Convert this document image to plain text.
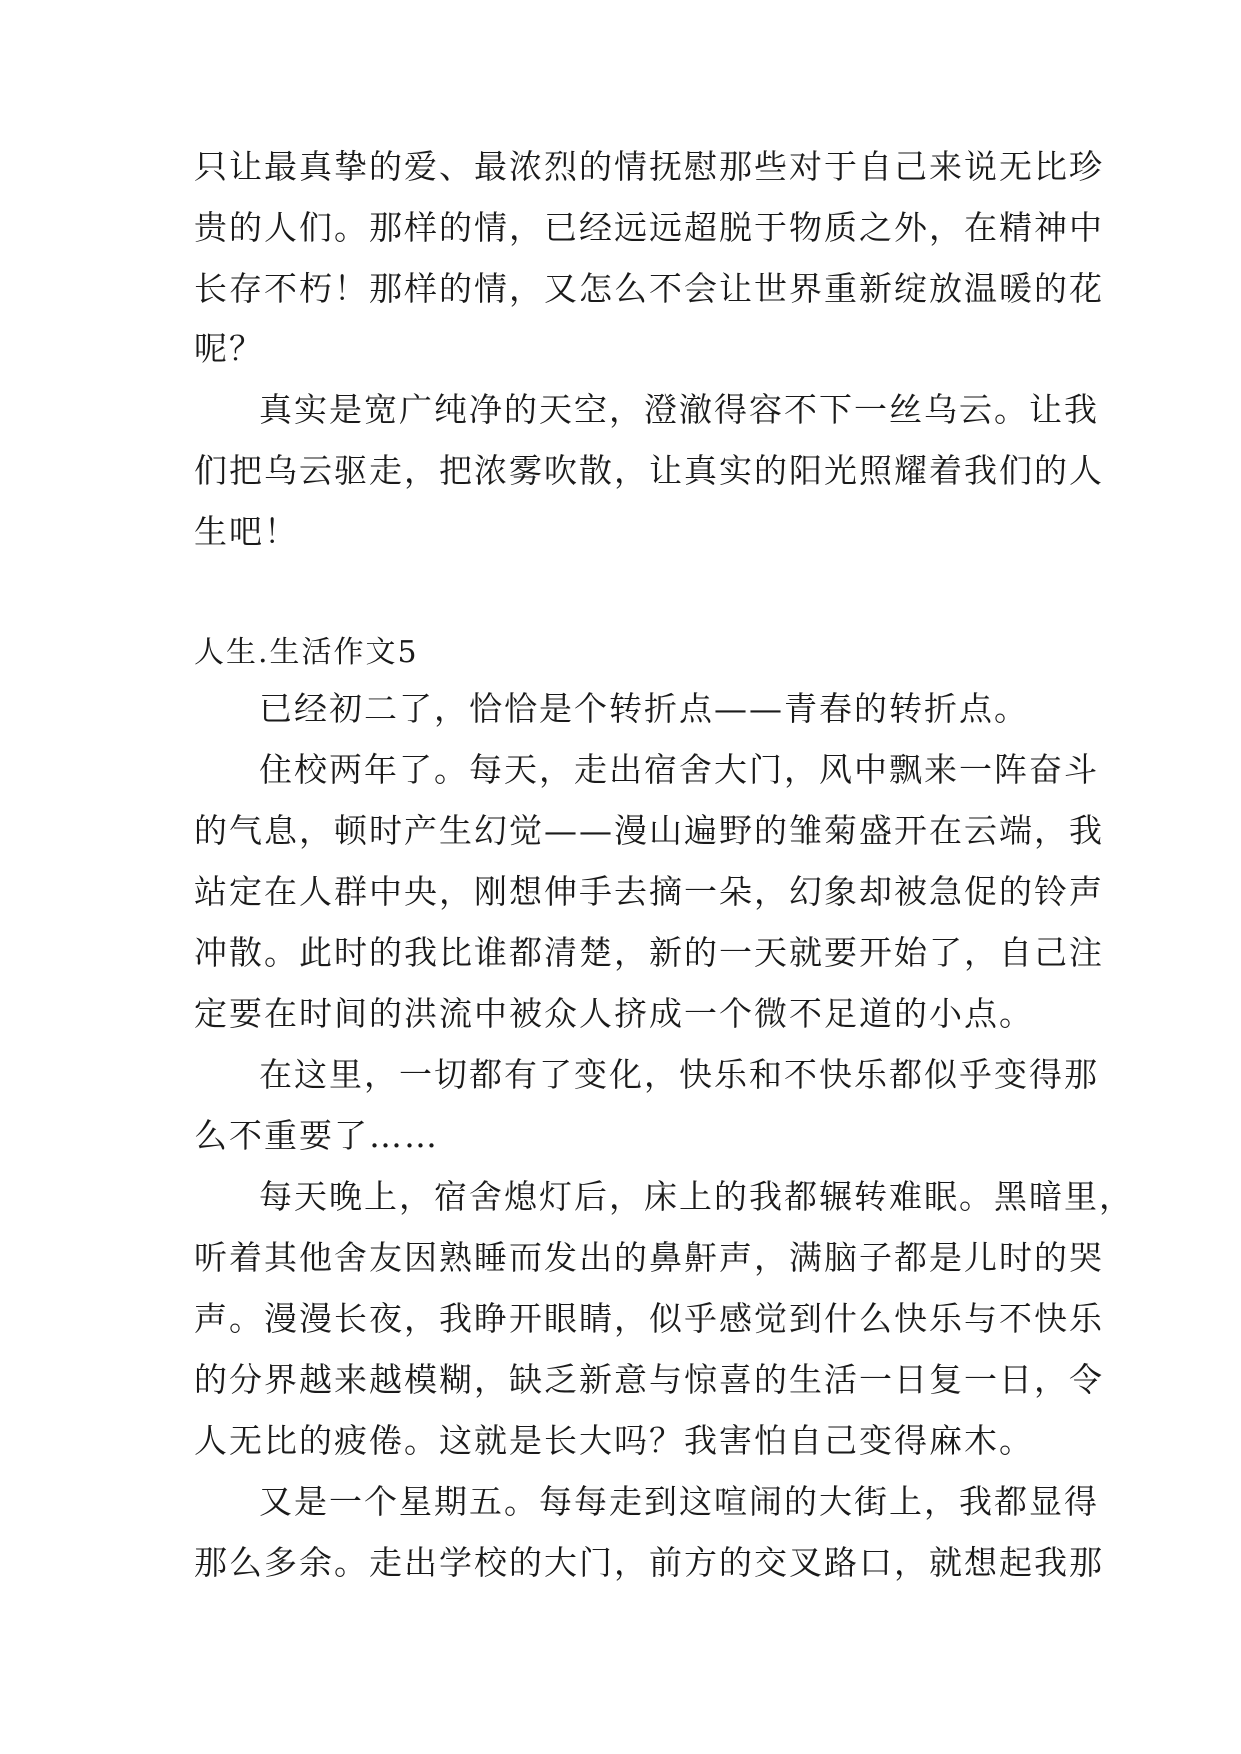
只让最真挚的爱、最浓烈的情抚慰那些对于自己来说无比珍
贵的人们。那样的情，已经远远超脱于物质之外，在精神中
长存不朽！那样的情，又怎么不会让世界重新绽放温暖的花
呢？
真实是宽广纯净的天空，澄澈得容不下一丝乌云。让我
们把乌云驱走，把浓雾吹散，让真实的阳光照耀着我们的人
生吧！
人生.生活作文5
已经初二了，恰恰是个转折点——青春的转折点。
住校两年了。每天，走出宿舍大门，风中飘来一阵奋斗
的气息，顿时产生幻觉——漫山遍野的雏菊盛开在云端，我
站定在人群中央，刚想伸手去摘一朵，幻象却被急促的铃声
冲散。此时的我比谁都清楚，新的一天就要开始了，自己注
定要在时间的洪流中被众人挤成一个微不足道的小点。
在这里，一切都有了变化，快乐和不快乐都似乎变得那
么不重要了……
每天晚上，宿舍熄灯后，床上的我都辗转难眠。黑暗里，
听着其他舍友因熟睡而发出的鼻鼾声，满脑子都是儿时的哭
声。漫漫长夜，我睁开眼睛，似乎感觉到什么快乐与不快乐
的分界越来越模糊，缺乏新意与惊喜的生活一日复一日，令
人无比的疲倦。这就是长大吗？我害怕自己变得麻木。
又是一个星期五。每每走到这喧闹的大街上，我都显得
那么多余。走出学校的大门，前方的交叉路口，就想起我那
